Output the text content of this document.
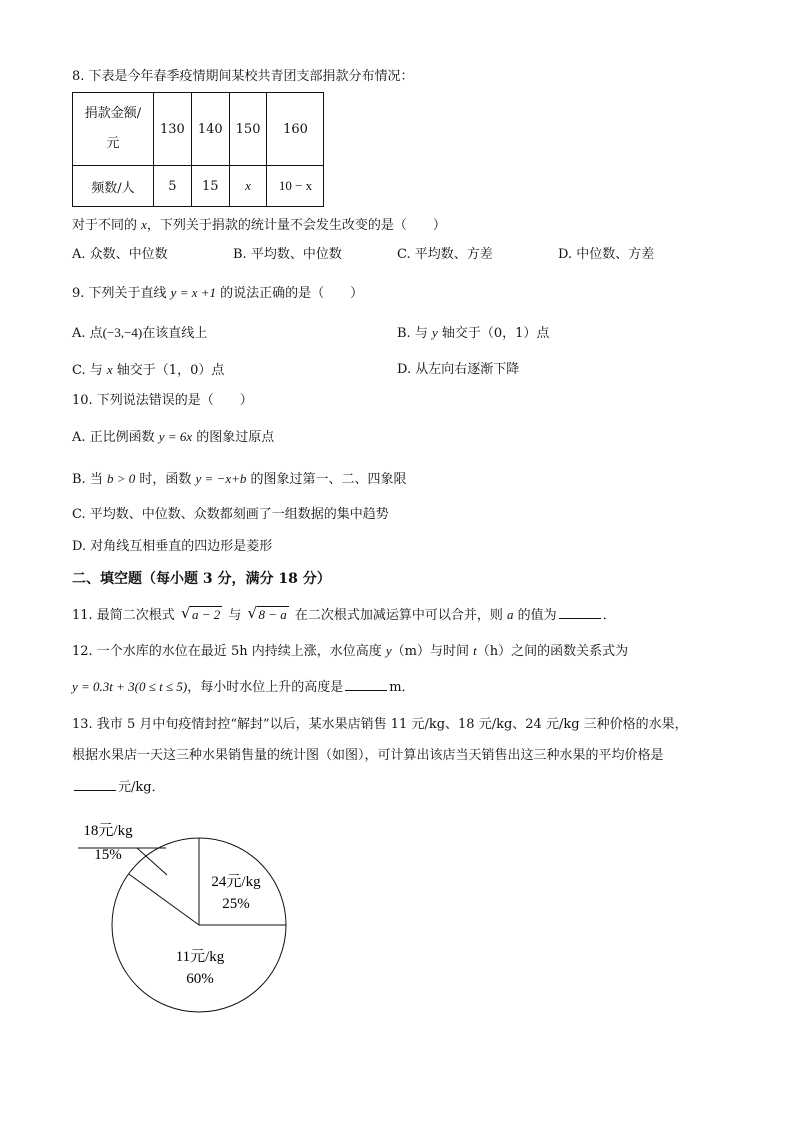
8. 下表是今年春季疫情期间某校共青团支部捐款分布情况：
捐款金额/
元	130	140	150	160
频数/人	5	15	x	10 − x
对于不同的 x，下列关于捐款的统计量不会发生改变的是（　　）
A. 众数、中位数	B. 平均数、中位数	C. 平均数、方差	D. 中位数、方差
9. 下列关于直线 y = x +1 的说法正确的是（　　）
A. 点(−3,−4)在该直线上	B. 与 y 轴交于（0，1）点
C. 与 x 轴交于（1，0）点	D. 从左向右逐渐下降
10. 下列说法错误的是（　　）
A. 正比例函数 y = 6x 的图象过原点
B. 当 b > 0 时，函数 y = −x+b 的图象过第一、二、四象限
C. 平均数、中位数、众数都刻画了一组数据的集中趋势
D. 对角线互相垂直的四边形是菱形
二、填空题（每小题 3 分，满分 18 分）
11. 最简二次根式 √ a − 2 与 √ 8 − a 在二次根式加减运算中可以合并，则 a 的值为	．
12. 一个水库的水位在最近 5h 内持续上涨，水位高度 y（m）与时间 t（h）之间的函数关系式为
y = 0.3t + 3(0 ≤ t ≤ 5)，每小时水位上升的高度是	m．
13. 我市 5 月中旬疫情封控“解封”以后，某水果店销售 11 元/kg、18 元/kg、24 元/kg 三种价格的水果，
根据水果店一天这三种水果销售量的统计图（如图），可计算出该店当天销售出这三种水果的平均价格是
元/kg．
24元/kg
25%
11元/kg
60%
18元/kg
15%
